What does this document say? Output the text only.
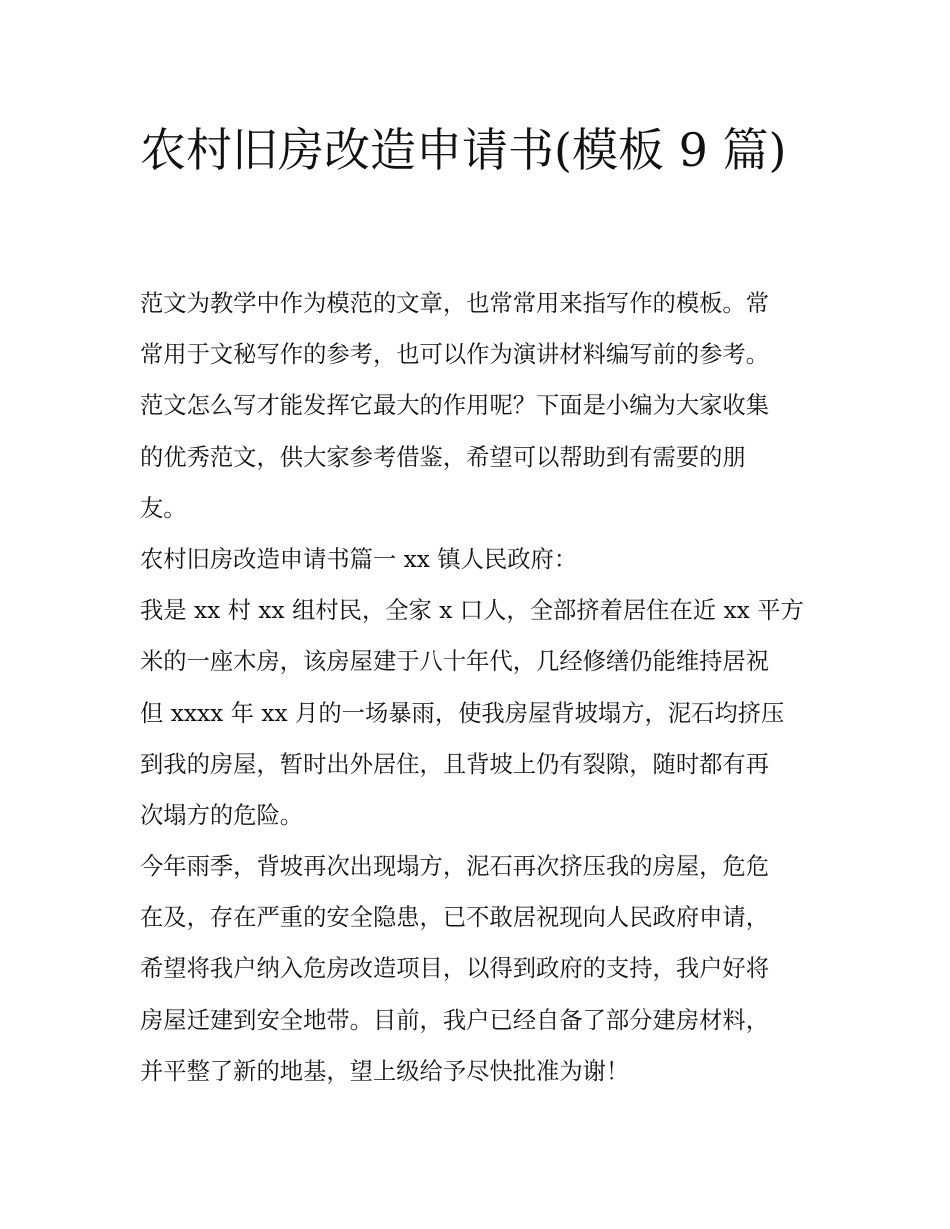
农村旧房改造申请书(模板 9 篇)

范文为教学中作为模范的文章，也常常用来指写作的模板。常

常用于文秘写作的参考，也可以作为演讲材料编写前的参考。

范文怎么写才能发挥它最大的作用呢？下面是小编为大家收集

的优秀范文，供大家参考借鉴，希望可以帮助到有需要的朋

友。

农村旧房改造申请书篇一 xx 镇人民政府：

我是 xx 村 xx 组村民，全家 x 口人，全部挤着居住在近 xx 平方

米的一座木房，该房屋建于八十年代，几经修缮仍能维持居祝

但 xxxx 年 xx 月的一场暴雨，使我房屋背坡塌方，泥石均挤压

到我的房屋，暂时出外居住，且背坡上仍有裂隙，随时都有再

次塌方的危险。

今年雨季，背坡再次出现塌方，泥石再次挤压我的房屋，危危

在及，存在严重的安全隐患，已不敢居祝现向人民政府申请，

希望将我户纳入危房改造项目，以得到政府的支持，我户好将

房屋迁建到安全地带。目前，我户已经自备了部分建房材料，

并平整了新的地基，望上级给予尽快批准为谢！
